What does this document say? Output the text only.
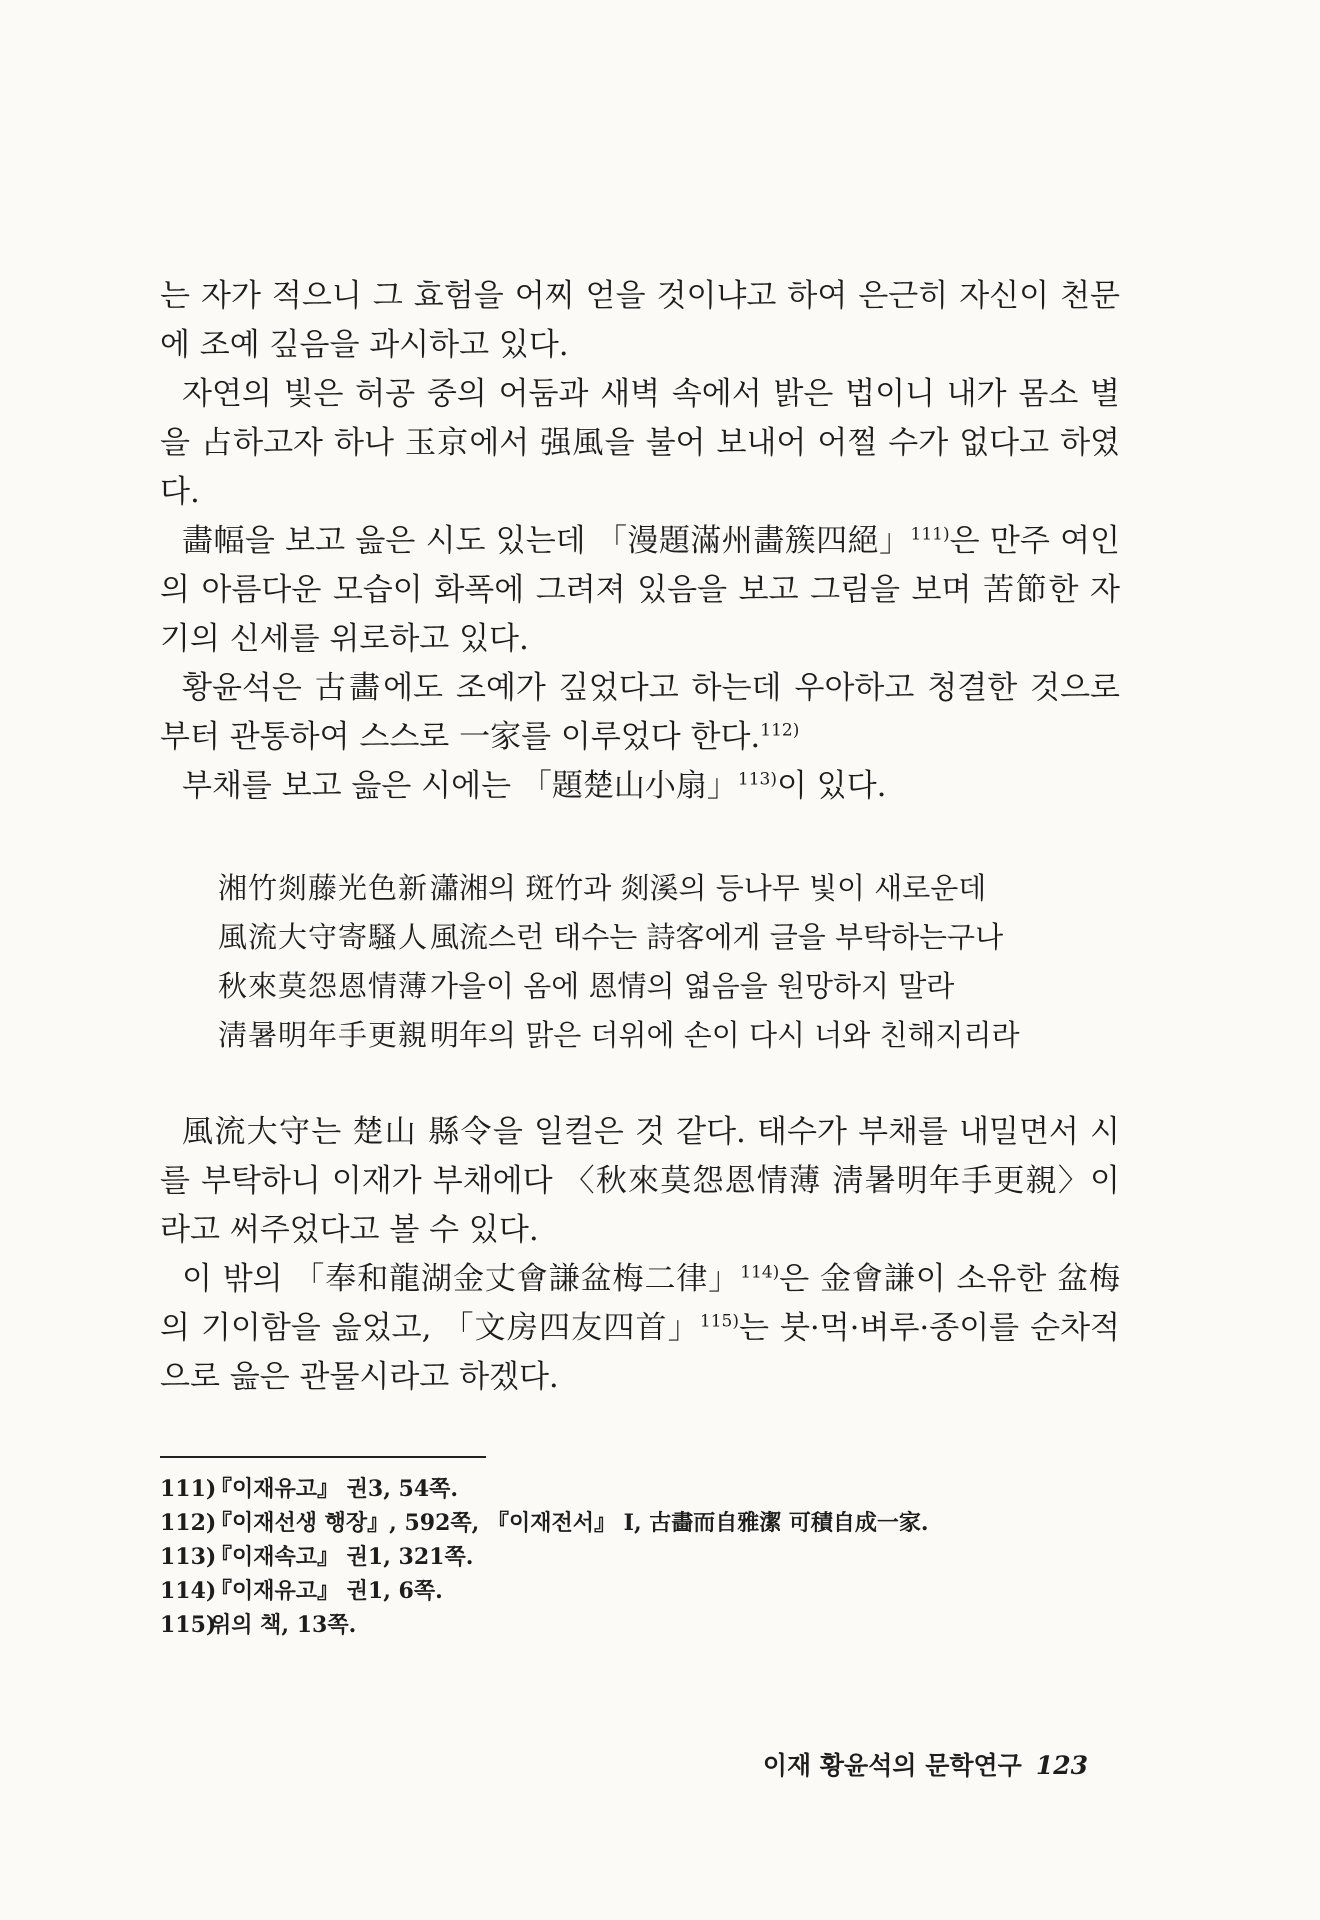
는 자가 적으니 그 효험을 어찌 얻을 것이냐고 하여 은근히 자신이 천문에 조예 깊음을 과시하고 있다.

자연의 빛은 허공 중의 어둠과 새벽 속에서 밝은 법이니 내가 몸소 별을 占하고자 하나 玉京에서 强風을 불어 보내어 어쩔 수가 없다고 하였다.

畵幅을 보고 읊은 시도 있는데 「漫題滿州畵簇四絕」$^{111)}$은 만주 여인의 아름다운 모습이 화폭에 그려져 있음을 보고 그림을 보며 苦節한 자기의 신세를 위로하고 있다.

황윤석은 古畵에도 조예가 깊었다고 하는데 우아하고 청결한 것으로부터 관통하여 스스로 一家를 이루었다 한다.$^{112)}$

부채를 보고 읊은 시에는 「題楚山小扇」$^{113)}$이 있다.

湘竹剡藤光色新 瀟湘의 斑竹과 剡溪의 등나무 빛이 새로운데
風流大守寄騷人 風流스런 태수는 詩客에게 글을 부탁하는구나
秋來莫怨恩情薄 가을이 옴에 恩情의 엷음을 원망하지 말라
淸暑明年手更親 明年의 맑은 더위에 손이 다시 너와 친해지리라

風流大守는 楚山 縣令을 일컬은 것 같다. 태수가 부채를 내밀면서 시를 부탁하니 이재가 부채에다 〈秋來莫怨恩情薄 淸暑明年手更親〉이라고 써주었다고 볼 수 있다.

이 밖의 「奉和龍湖金丈會謙盆梅二律」$^{114)}$은 金會謙이 소유한 盆梅의 기이함을 읊었고, 「文房四友四首」$^{115)}$는 붓·먹·벼루·종이를 순차적으로 읊은 관물시라고 하겠다.

111)『이재유고』 권3, 54쪽.
112)『이재선생 행장』, 592쪽, 『이재전서』 Ⅰ, 古畵而自雅潔 可積自成一家.
113)『이재속고』 권1, 321쪽.
114)『이재유고』 권1, 6쪽.
115)위의 책, 13쪽.
이재 황윤석의 문학연구 123
